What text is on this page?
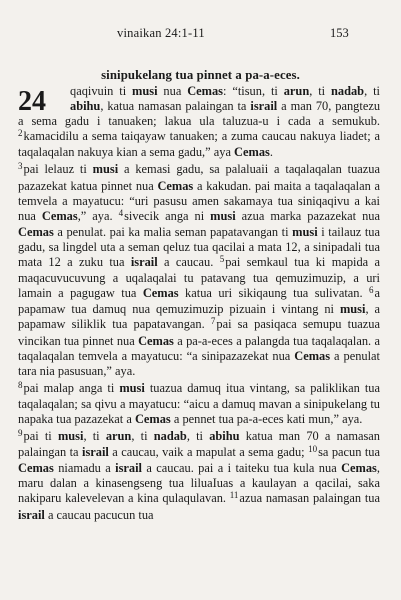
vinaikan 24:1-11	153
sinipukelang tua pinnet a pa-a-eces.
24	qaqivuin ti musi nua Cemas: “tisun, ti arun, ti nadab, ti abihu, katua namasan palaingan ta israil a man 70, pangtezu a sema gadu i tanuaken; lakua ula taluzua-u i cada a semukub. $^2$kamacidilu a sema taiqayaw tanuaken; a zuma caucau nakuya liadet; a taqalaqalan nakuya kian a sema gadu,” aya Cemas.

$^3$pai lelauz ti musi a kemasi gadu, sa palaluaii a taqalaqalan tuazua pazazekat katua pinnet nua Cemas a kakudan. pai maita a taqalaqalan a temvela a mayatucu: “uri pasusu amen sakamaya tua siniqaqivu a kai nua Cemas,” aya. $^4$sivecik anga ni musi azua marka pazazekat nua Cemas a penulat. pai ka malia seman papatavangan ti musi i tailauz tua gadu, sa lingdel uta a seman qeluz tua qacilai a mata 12, a sinipadali tua mata 12 a zuku tua israil a caucau. $^5$pai semkaul tua ki mapida a maqacuvucuvung a uqalaqalai tu patavang tua qemuzimuzip, a uri lamain a pagugaw tua Cemas katua uri sikiqaung tua sulivatan. $^6$a papamaw tua damuq nua qemuzimuzip pizuain i vintang ni musi, a papamaw siliklik tua papatavangan. $^7$pai sa pasiqaca semupu tuazua vincikan tua pinnet nua Cemas a pa-a-eces a palangda tua taqalaqalan. a taqalaqalan temvela a mayatucu: “a sinipazazekat nua Cemas a penulat tara nia pasusuan,” aya.

$^8$pai malap anga ti musi tuazua damuq ituа vintang, sa paliklikan tua taqalaqalan; sa qivu a mayatucu: “aicu a damuq mavan a sinipukelang tu napaka tua pazazekat a Cemas a pennet tua pa-a-eces kati mun,” aya.

$^9$pai ti musi, ti arun, ti nadab, ti abihu katua man 70 a namasan palaingan ta israil a caucau, vaik a mapulat a sema gadu; $^{10}$sa pacun tua Cemas niamadu a israil a caucau. pai a i taiteku tua kula nua Cemas, maru dalan a kinasengseng tua liluaIuas a kaulayan a qacilai, saka nakiparu kalevelevan a kina qulaqulavan. $^{11}$azua namasan palaingan tua israil a caucau pacucun tua
